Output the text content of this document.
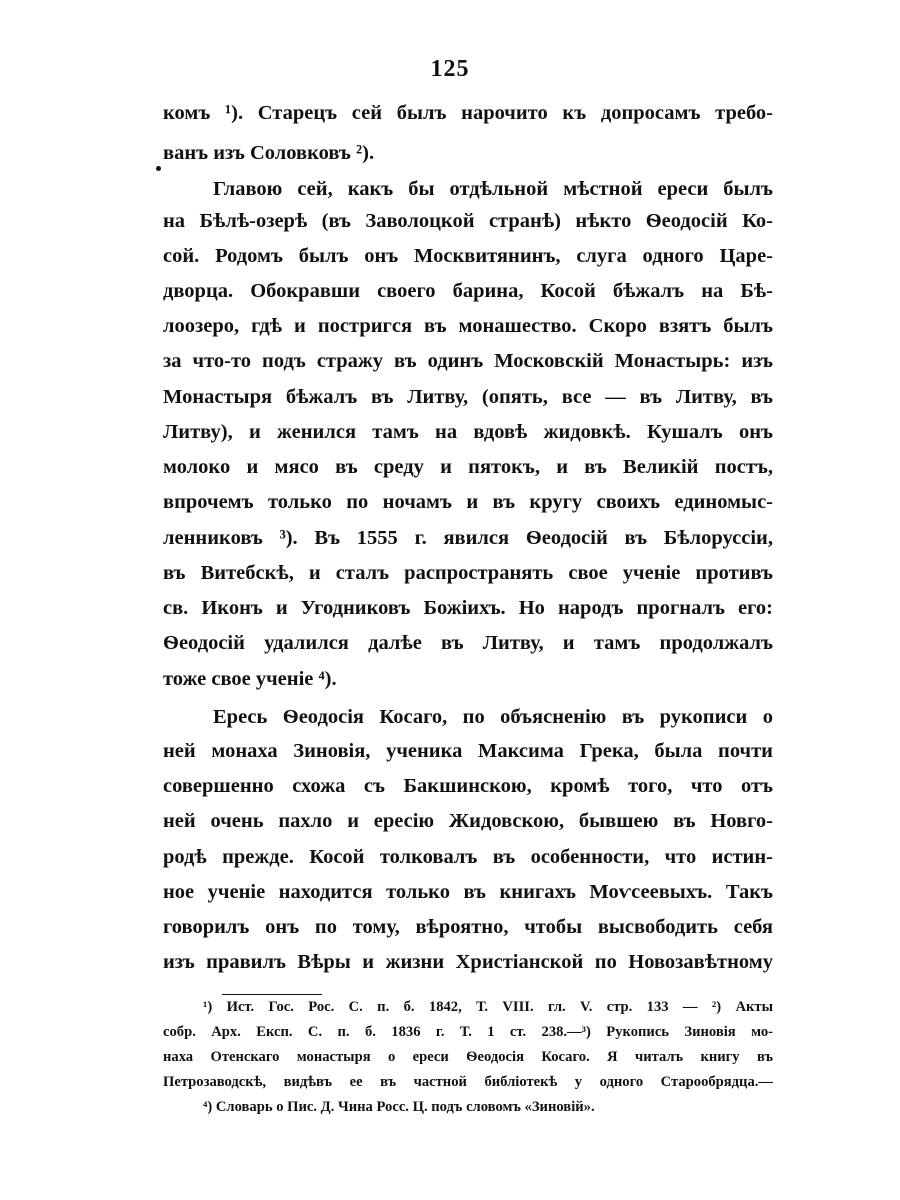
125
комъ ¹). Старецъ сей былъ нарочито къ допросамъ требо-
ванъ изъ Соловковъ ²).
Главою сей, какъ бы отдѣльной мѣстной ереси былъ
на Бѣлѣ-озерѣ (въ Заволоцкой странѣ) нѣкто Ѳеодосій Ко-
сой. Родомъ былъ онъ Москвитянинъ, слуга одного Царе-
дворца. Обокравши своего барина, Косой бѣжалъ на Бѣ-
лоозеро, гдѣ и постригся въ монашество. Скоро взятъ былъ
за что-то подъ стражу въ одинъ Московскій Монастырь: изъ
Монастыря бѣжалъ въ Литву, (опять, все — въ Литву, въ
Литву), и женился тамъ на вдовѣ жидовкѣ. Кушалъ онъ
молоко и мясо въ среду и пятокъ, и въ Великій постъ,
впрочемъ только по ночамъ и въ кругу своихъ единомыс-
ленниковъ ³). Въ 1555 г. явился Ѳеодосій въ Бѣлоруссіи,
въ Витебскѣ, и сталъ распространять свое ученіе противъ
св. Иконъ и Угодниковъ Божіихъ. Но народъ прогналъ его:
Ѳеодосій удалился далѣе въ Литву, и тамъ продолжалъ
тоже свое ученіе ⁴).
Ересь Ѳеодосія Косаго, по объясненію въ рукописи о
ней монаха Зиновія, ученика Максима Грека, была почти
совершенно схожа съ Бакшинскою, кромѣ того, что отъ
ней очень пахло и ересію Жидовскою, бывшею въ Новго-
родѣ прежде. Косой толковалъ въ особенности, что истин-
ное ученіе находится только въ книгахъ Моѵсеевыхъ. Такъ
говорилъ онъ по тому, вѣроятно, чтобы высвободить себя
изъ правилъ Вѣры и жизни Христіанской по Новозавѣтному
¹) Ист. Гос. Рос. С. п. б. 1842, Т. VIII. гл. V. стр. 133 — ²) Акты
собр. Арх. Експ. С. п. б. 1836 г. Т. 1 ст. 238.—³) Рукопись Зиновія мо-
наха Отенскаго монастыря о ереси Ѳеодосія Косаго. Я читалъ книгу въ
Петрозаводскѣ, видѣвъ ее въ частной библіотекѣ у одного Старообрядца.—
⁴) Словарь о Пис. Д. Чина Росс. Ц. подъ словомъ «Зиновій».
